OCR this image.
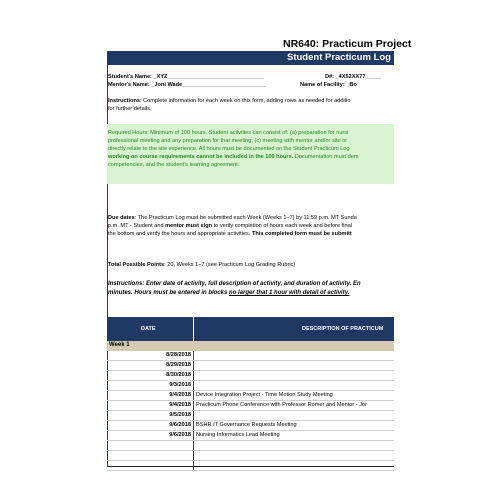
NR640: Practicum Project
Student Practicum Log
Student's Name: _XYZ_______________________________
Mentor's Name: _Joni Wade___________________________
D#: _4X52XX77_____
Name of Facility: _Bo
Instructions: Complete information for each week on this form, adding rows as needed for additio
for further details.
Required Hours: Minimum of 100 hours. Student activities can consist of: (a) preparation for nursi
professional meeting and any preparation for that meeting; (c) meeting with mentor and/or site or
directly relate to the site experience. All hours must be documented on the Student Practicum Log
working on course requirements cannot be included in the 100 hours. Documentation must dem
competencies, and the student's learning agreement.
Due dates: The Practicum Log must be submitted each Week (Weeks 1–7) by 11:59 p.m. MT Sunda
p.m. MT - Student and mentor must sign to verify completion of hours each week and before final
the bottom and verify the hours and appropriate activities. This completed form must be submitt
Total Possible Points: 20, Weeks 1–7 (see Practicum Log Grading Rubric)
Instructions: Enter date of activity, full description of activity, and duration of activity. En
minutes. Hours must be entered in blocks no larger that 1 hour with detail of activity.
DATE	DESCRIPTION OF PRACTICUM
Week 1
8/28/2018
8/29/2018
8/30/2018
9/3/2018
9/4/2018 Device Integration Project - Time Motion Study Meeting
9/4/2018 Practicum Phone Conference with Professor Romer and Mentor - Jor
9/5/2018
9/6/2018 BSHR IT Governance Requests Meeting
9/6/2018 Nursing Informatics Lead Meeting
